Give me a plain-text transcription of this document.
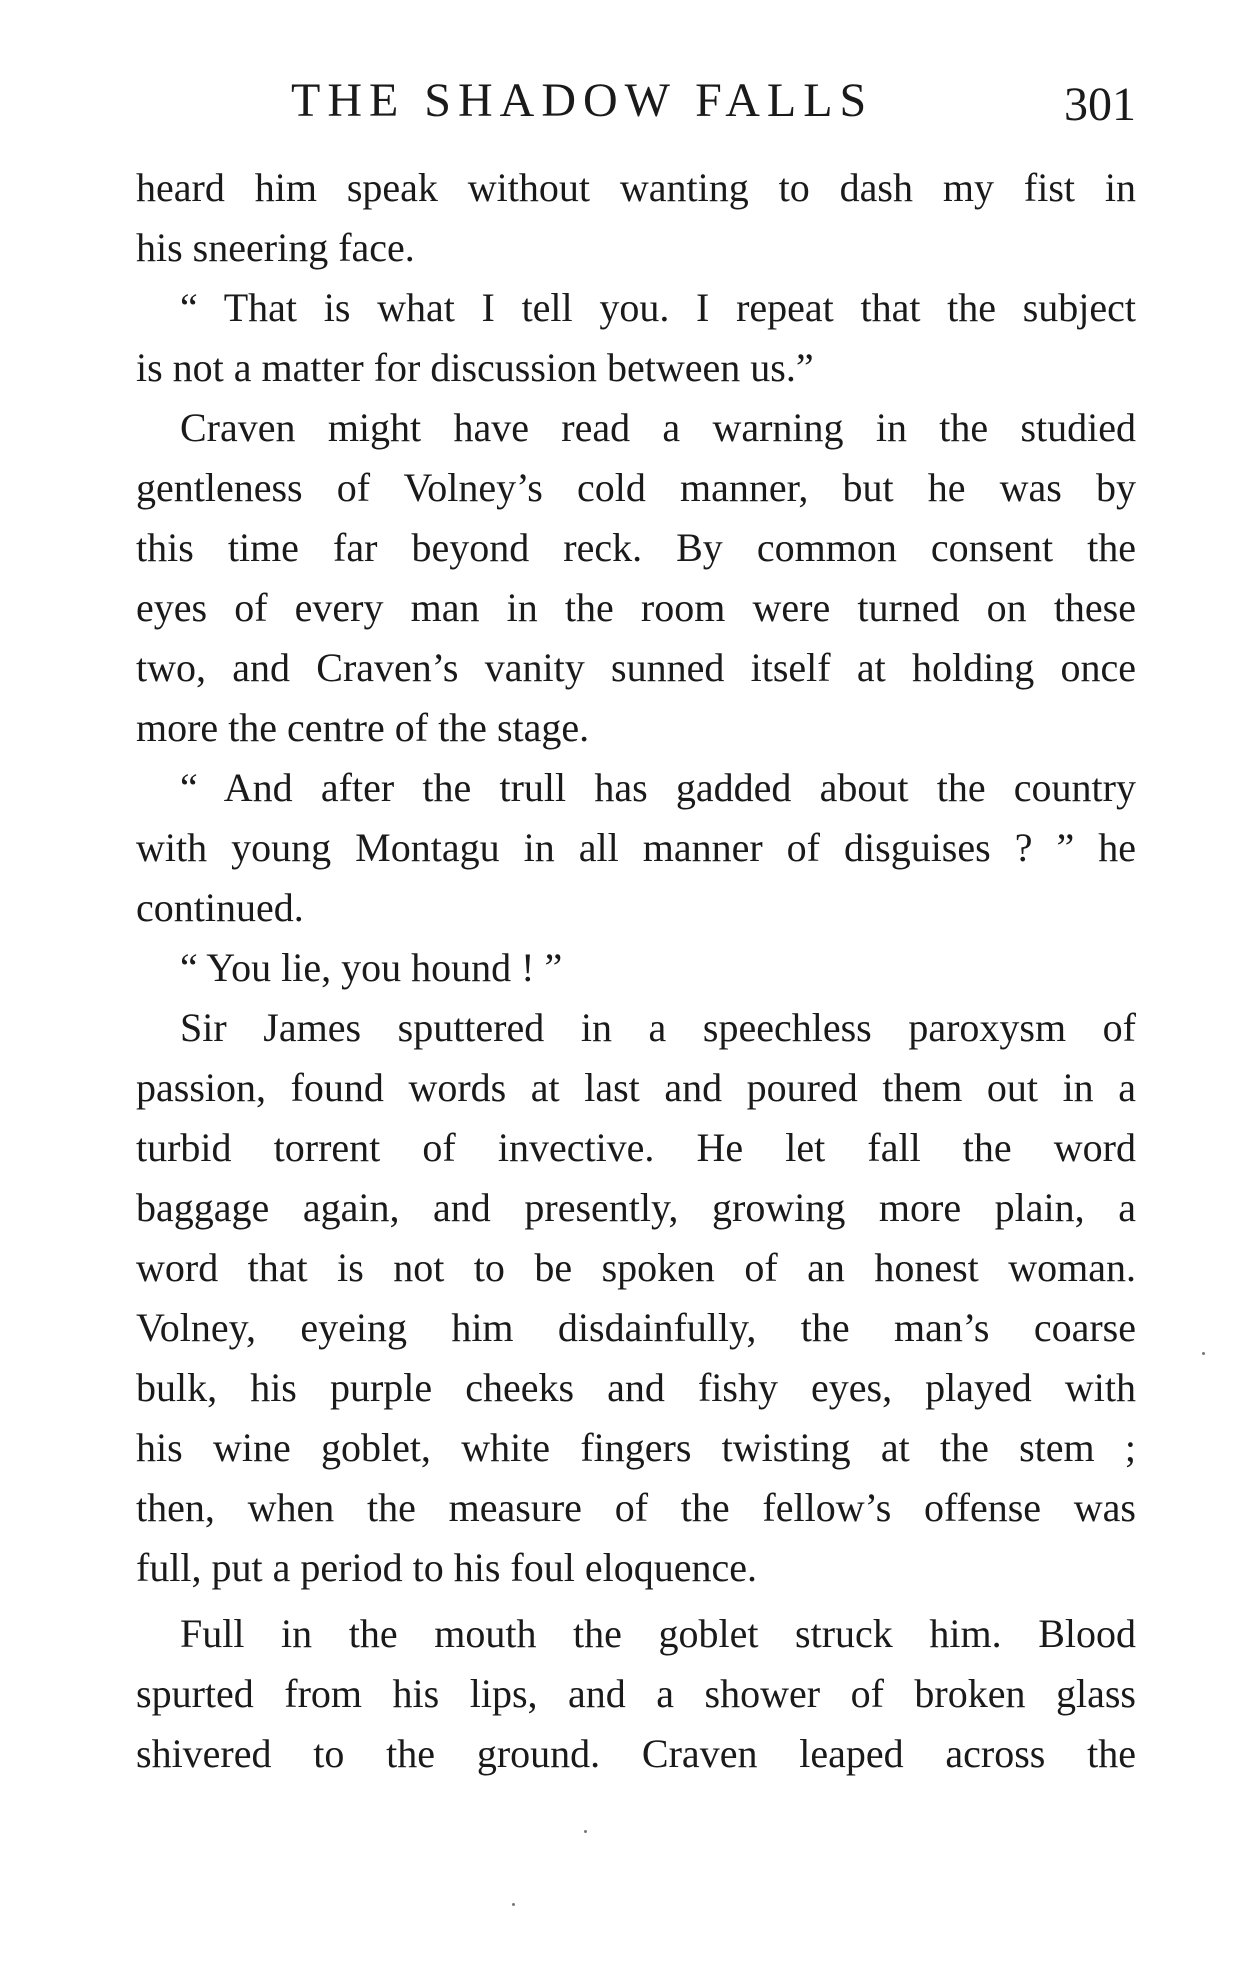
THE SHADOW FALLS	301
heard him speak without wanting to dash my fist in
his sneering face.
“ That is what I tell you. I repeat that the subject
is not a matter for discussion between us.”
Craven might have read a warning in the studied
gentleness of Volney’s cold manner, but he was by
this time far beyond reck. By common consent the
eyes of every man in the room were turned on these
two, and Craven’s vanity sunned itself at holding once
more the centre of the stage.
“ And after the trull has gadded about the country
with young Montagu in all manner of disguises ? ” he
continued.
“ You lie, you hound ! ”
Sir James sputtered in a speechless paroxysm of
passion, found words at last and poured them out in a
turbid torrent of invective. He let fall the word
baggage again, and presently, growing more plain, a
word that is not to be spoken of an honest woman.
Volney, eyeing him disdainfully, the man’s coarse
bulk, his purple cheeks and fishy eyes, played with
his wine goblet, white fingers twisting at the stem ;
then, when the measure of the fellow’s offense was
full, put a period to his foul eloquence.
Full in the mouth the goblet struck him. Blood
spurted from his lips, and a shower of broken glass
shivered to the ground. Craven leaped across the
